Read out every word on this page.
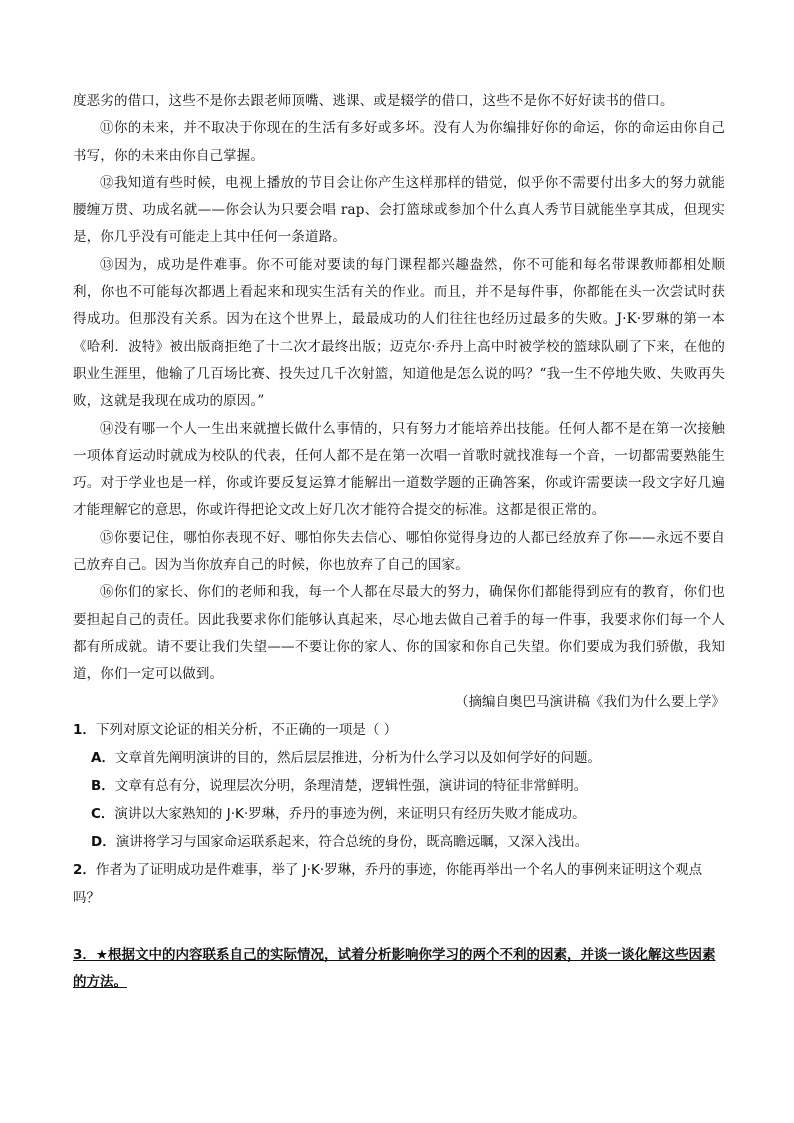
度恶劣的借口，这些不是你去跟老师顶嘴、逃课、或是辍学的借口，这些不是你不好好读书的借口。

⑪你的未来，并不取决于你现在的生活有多好或多坏。没有人为你编排好你的命运，你的命运由你自己书写，你的未来由你自己掌握。

⑫我知道有些时候，电视上播放的节目会让你产生这样那样的错觉，似乎你不需要付出多大的努力就能腰缠万贯、功成名就——你会认为只要会唱 rap、会打篮球或参加个什么真人秀节目就能坐享其成，但现实是，你几乎没有可能走上其中任何一条道路。

⑬因为，成功是件难事。你不可能对要读的每门课程都兴趣盎然，你不可能和每名带课教师都相处顺利，你也不可能每次都遇上看起来和现实生活有关的作业。而且，并不是每件事，你都能在头一次尝试时获得成功。但那没有关系。因为在这个世界上，最最成功的人们往往也经历过最多的失败。J·K·罗琳的第一本《哈利．波特》被出版商拒绝了十二次才最终出版；迈克尔·乔丹上高中时被学校的篮球队刷了下来，在他的职业生涯里，他输了几百场比赛、投失过几千次射篮，知道他是怎么说的吗？“我一生不停地失败、失败再失败，这就是我现在成功的原因。”

⑭没有哪一个人一生出来就擅长做什么事情的，只有努力才能培养出技能。任何人都不是在第一次接触一项体育运动时就成为校队的代表，任何人都不是在第一次唱一首歌时就找准每一个音，一切都需要熟能生巧。对于学业也是一样，你或许要反复运算才能解出一道数学题的正确答案，你或许需要读一段文字好几遍才能理解它的意思，你或许得把论文改上好几次才能符合提交的标准。这都是很正常的。

⑮你要记住，哪怕你表现不好、哪怕你失去信心、哪怕你觉得身边的人都已经放弃了你——永远不要自己放弃自己。因为当你放弃自己的时候，你也放弃了自己的国家。

⑯你们的家长、你们的老师和我，每一个人都在尽最大的努力，确保你们都能得到应有的教育，你们也要担起自己的责任。因此我要求你们能够认真起来，尽心地去做自己着手的每一件事，我要求你们每一个人都有所成就。请不要让我们失望——不要让你的家人、你的国家和你自己失望。你们要成为我们骄傲，我知道，你们一定可以做到。

（摘编自奥巴马演讲稿《我们为什么要上学》

1．下列对原文论证的相关分析，不正确的一项是（ ）

A．文章首先阐明演讲的目的，然后层层推进，分析为什么学习以及如何学好的问题。

B．文章有总有分，说理层次分明，条理清楚，逻辑性强，演讲词的特征非常鲜明。

C．演讲以大家熟知的 J·K·罗琳，乔丹的事迹为例，来证明只有经历失败才能成功。

D．演讲将学习与国家命运联系起来，符合总统的身份，既高瞻远瞩，又深入浅出。

2．作者为了证明成功是件难事，举了 J·K·罗琳，乔丹的事迹，你能再举出一个名人的事例来证明这个观点吗？

3．★根据文中的内容联系自己的实际情况，试着分析影响你学习的两个不利的因素，并谈一谈化解这些因素的方法。
